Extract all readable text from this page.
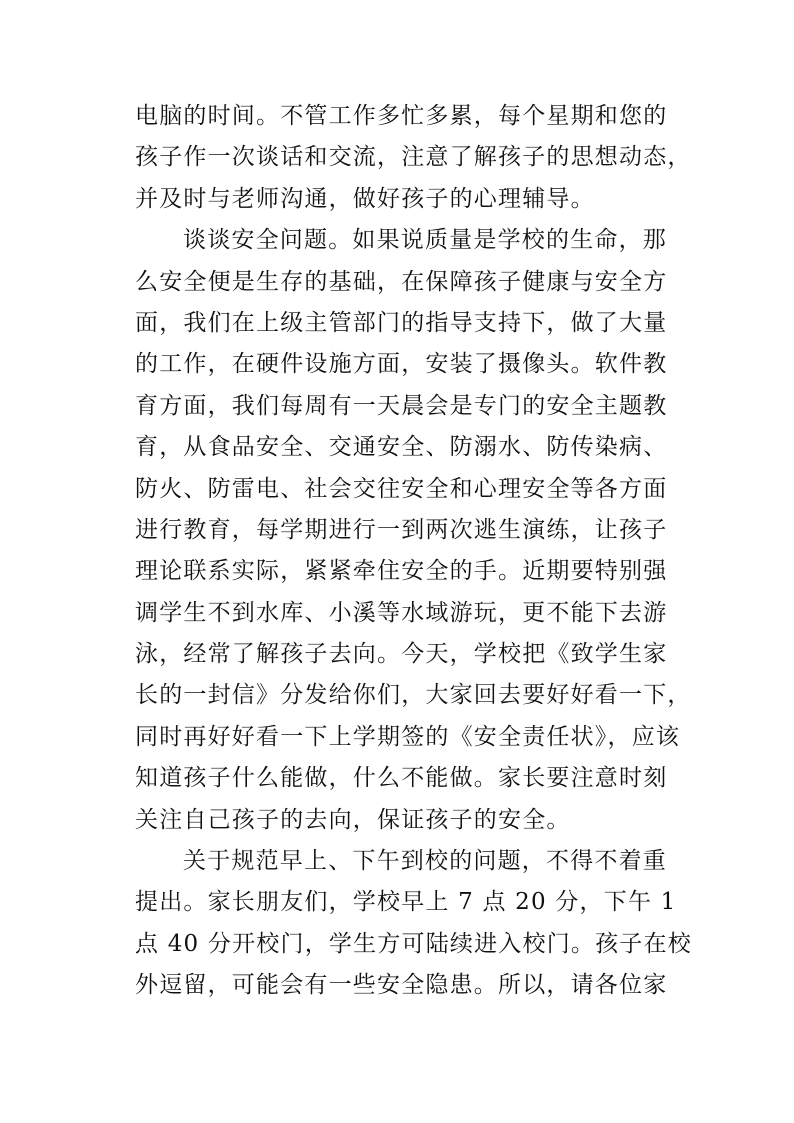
电脑的时间。不管工作多忙多累，每个星期和您的
孩子作一次谈话和交流，注意了解孩子的思想动态，
并及时与老师沟通，做好孩子的心理辅导。
谈谈安全问题。如果说质量是学校的生命，那
么安全便是生存的基础，在保障孩子健康与安全方
面，我们在上级主管部门的指导支持下，做了大量
的工作，在硬件设施方面，安装了摄像头。软件教
育方面，我们每周有一天晨会是专门的安全主题教
育，从食品安全、交通安全、防溺水、防传染病、
防火、防雷电、社会交往安全和心理安全等各方面
进行教育，每学期进行一到两次逃生演练，让孩子
理论联系实际，紧紧牵住安全的手。近期要特别强
调学生不到水库、小溪等水域游玩，更不能下去游
泳，经常了解孩子去向。今天，学校把《致学生家
长的一封信》分发给你们，大家回去要好好看一下，
同时再好好看一下上学期签的《安全责任状》，应该
知道孩子什么能做，什么不能做。家长要注意时刻
关注自己孩子的去向，保证孩子的安全。
关于规范早上、下午到校的问题，不得不着重
提出。家长朋友们，学校早上 7 点 20 分，下午 1
点 40 分开校门，学生方可陆续进入校门。孩子在校
外逗留，可能会有一些安全隐患。所以，请各位家
